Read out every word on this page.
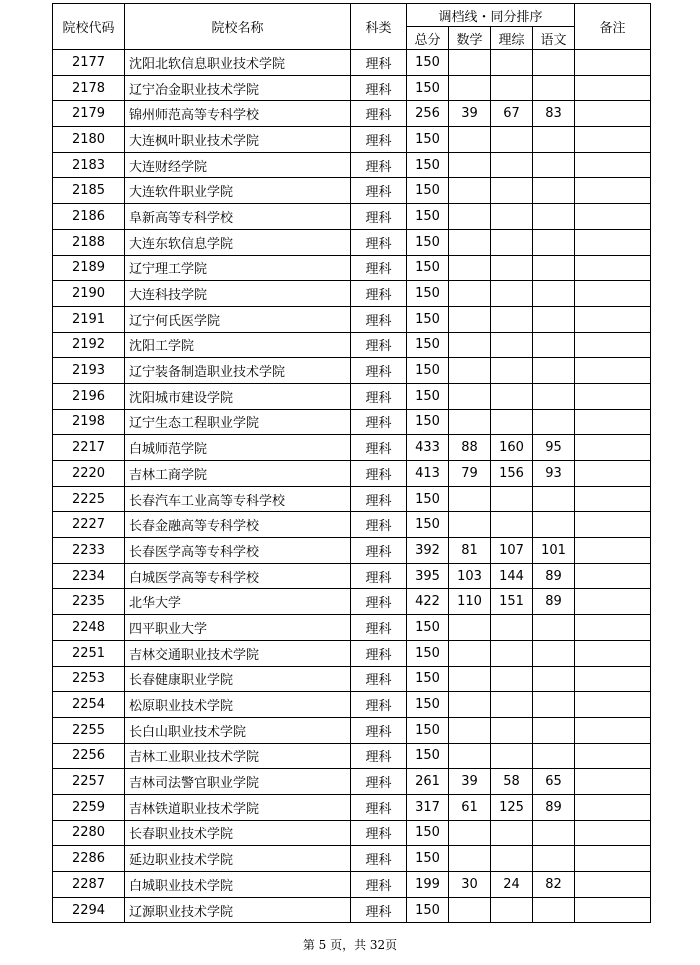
院校代码	院校名称	科类	调档线・同分排序				备注
			总分	数学	理综	语文	
2177	沈阳北软信息职业技术学院	理科	150				
2178	辽宁冶金职业技术学院	理科	150				
2179	锦州师范高等专科学校	理科	256	39	67	83	
2180	大连枫叶职业技术学院	理科	150				
2183	大连财经学院	理科	150				
2185	大连软件职业学院	理科	150				
2186	阜新高等专科学校	理科	150				
2188	大连东软信息学院	理科	150				
2189	辽宁理工学院	理科	150				
2190	大连科技学院	理科	150				
2191	辽宁何氏医学院	理科	150				
2192	沈阳工学院	理科	150				
2193	辽宁装备制造职业技术学院	理科	150				
2196	沈阳城市建设学院	理科	150				
2198	辽宁生态工程职业学院	理科	150				
2217	白城师范学院	理科	433	88	160	95	
2220	吉林工商学院	理科	413	79	156	93	
2225	长春汽车工业高等专科学校	理科	150				
2227	长春金融高等专科学校	理科	150				
2233	长春医学高等专科学校	理科	392	81	107	101	
2234	白城医学高等专科学校	理科	395	103	144	89	
2235	北华大学	理科	422	110	151	89	
2248	四平职业大学	理科	150				
2251	吉林交通职业技术学院	理科	150				
2253	长春健康职业学院	理科	150				
2254	松原职业技术学院	理科	150				
2255	长白山职业技术学院	理科	150				
2256	吉林工业职业技术学院	理科	150				
2257	吉林司法警官职业学院	理科	261	39	58	65	
2259	吉林铁道职业技术学院	理科	317	61	125	89	
2280	长春职业技术学院	理科	150				
2286	延边职业技术学院	理科	150				
2287	白城职业技术学院	理科	199	30	24	82	
2294	辽源职业技术学院	理科	150				
第 5 页，共 32页
